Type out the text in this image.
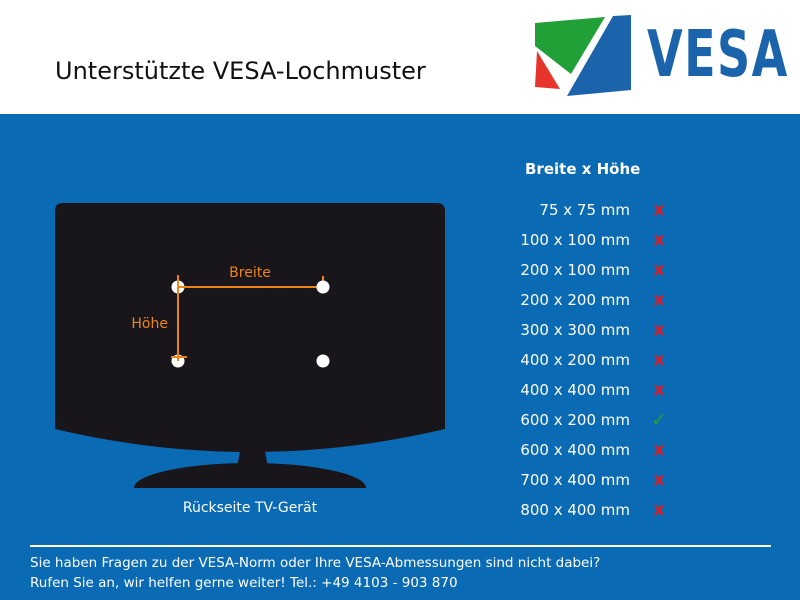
Unterstützte VESA-Lochmuster	VESA
Breite
Höhe
Rückseite TV-Gerät
Breite x Höhe
75 x 75 mm	x
100 x 100 mm	x
200 x 100 mm	x
200 x 200 mm	x
300 x 300 mm	x
400 x 200 mm	x
400 x 400 mm	x
600 x 200 mm	✓
600 x 400 mm	x
700 x 400 mm	x
800 x 400 mm	x
Sie haben Fragen zu der VESA-Norm oder Ihre VESA-Abmessungen sind nicht dabei?
Rufen Sie an, wir helfen gerne weiter! Tel.: +49 4103 - 903 870
